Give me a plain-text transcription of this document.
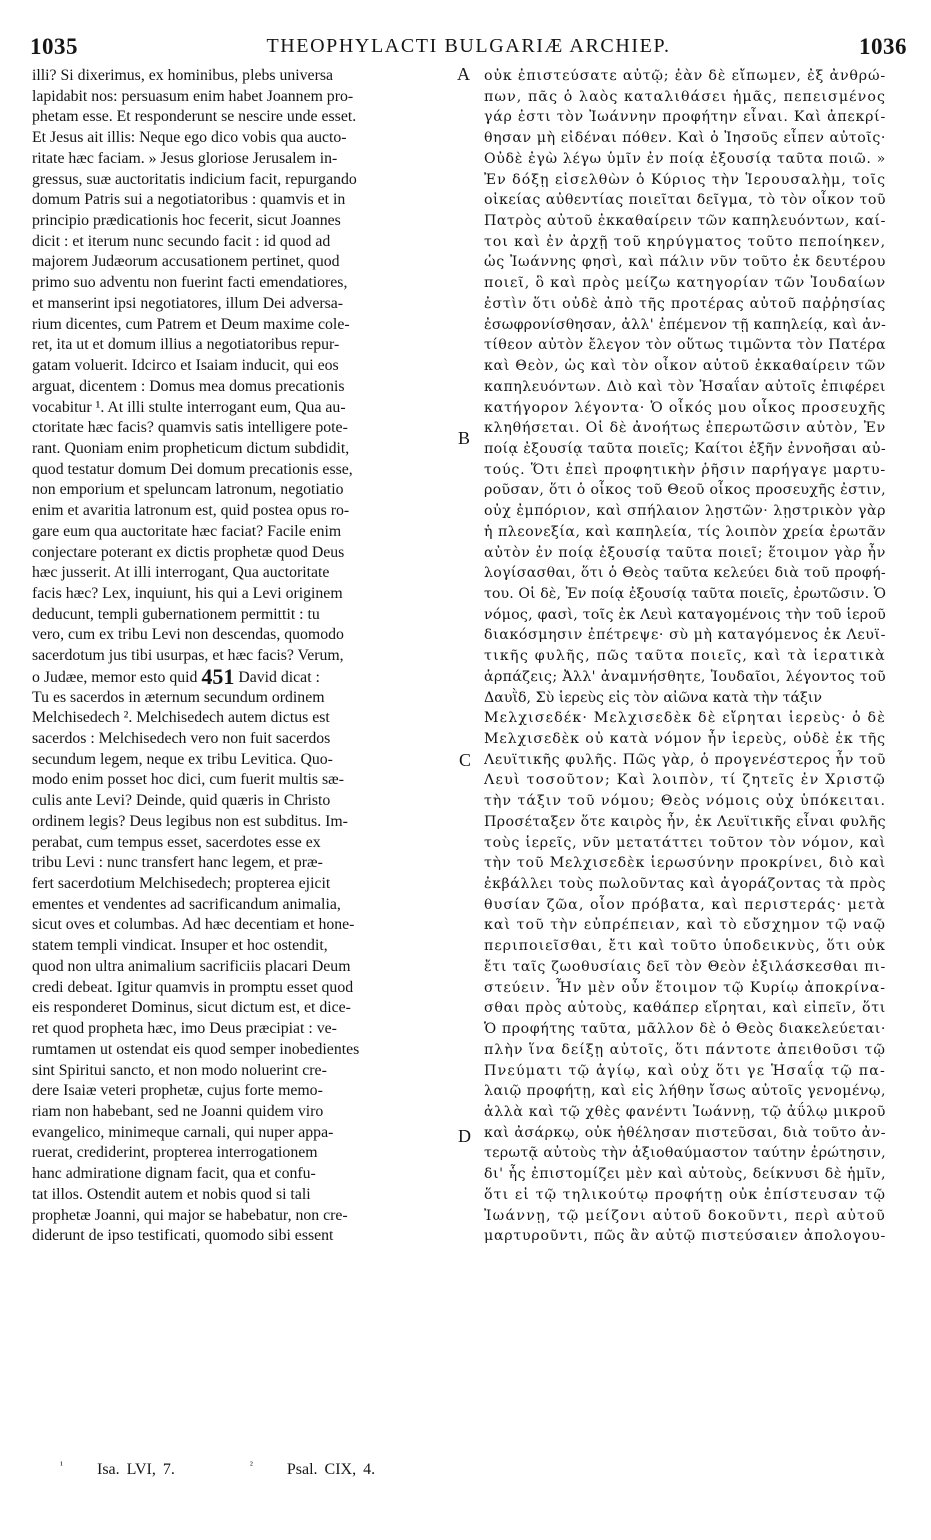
1035	THEOPHYLACTI BULGARIÆ ARCHIEP.	1036
illi? Si dixerimus, ex hominibus, plebs universa
lapidabit nos: persuasum enim habet Joannem pro-
phetam esse. Et responderunt se nescire unde esset.
Et Jesus ait illis: Neque ego dico vobis qua aucto-
ritate hæc faciam. » Jesus gloriose Jerusalem in-
gressus, suæ auctoritatis indicium facit, repurgando
domum Patris sui a negotiatoribus : quamvis et in
principio prædicationis hoc fecerit, sicut Joannes
dicit : et iterum nunc secundo facit : id quod ad
majorem Judæorum accusationem pertinet, quod
primo suo adventu non fuerint facti emendatiores,
et manserint ipsi negotiatores, illum Dei adversa-
rium dicentes, cum Patrem et Deum maxime cole-
ret, ita ut et domum illius a negotiatoribus repur-
gatam voluerit. Idcirco et Isaiam inducit, qui eos
arguat, dicentem : Domus mea domus precationis
vocabitur ¹. At illi stulte interrogant eum, Qua au-
ctoritate hæc facis? quamvis satis intelligere pote-
rant. Quoniam enim propheticum dictum subdidit,
quod testatur domum Dei domum precationis esse,
non emporium et speluncam latronum, negotiatio
enim et avaritia latronum est, quid postea opus ro-
gare eum qua auctoritate hæc faciat? Facile enim
conjectare poterant ex dictis prophetæ quod Deus
hæc jusserit. At illi interrogant, Qua auctoritate
facis hæc? Lex, inquiunt, his qui a Levi originem
deducunt, templi gubernationem permittit : tu
vero, cum ex tribu Levi non descendas, quomodo
sacerdotum jus tibi usurpas, et hæc facis? Verum,
o Judæe, memor esto quid 451 David dicat :
Tu es sacerdos in æternum secundum ordinem
Melchisedech ². Melchisedech autem dictus est
sacerdos : Melchisedech vero non fuit sacerdos
secundum legem, neque ex tribu Levitica. Quo-
modo enim posset hoc dici, cum fuerit multis sæ-
culis ante Levi? Deinde, quid quæris in Christo
ordinem legis? Deus legibus non est subditus. Im-
perabat, cum tempus esset, sacerdotes esse ex
tribu Levi : nunc transfert hanc legem, et præ-
fert sacerdotium Melchisedech; propterea ejicit
ementes et vendentes ad sacrificandum animalia,
sicut oves et columbas. Ad hæc decentiam et hone-
statem templi vindicat. Insuper et hoc ostendit,
quod non ultra animalium sacrificiis placari Deum
credi debeat. Igitur quamvis in promptu esset quod
eis responderet Dominus, sicut dictum est, et dice-
ret quod propheta hæc, imo Deus præcipiat : ve-
rumtamen ut ostendat eis quod semper inobedientes
sint Spiritui sancto, et non modo noluerint cre-
dere Isaiæ veteri prophetæ, cujus forte memo-
riam non habebant, sed ne Joanni quidem viro
evangelico, minimeque carnali, qui nuper appa-
ruerat, crediderint, propterea interrogationem
hanc admiratione dignam facit, qua et confu-
tat illos. Ostendit autem et nobis quod si tali
prophetæ Joanni, qui major se habebatur, non cre-
diderunt de ipso testificati, quomodo sibi essent
οὐκ ἐπιστεύσατε αὐτῷ; ἐὰν δὲ εἴπωμεν, ἐξ ἀνθρώ-
πων, πᾶς ὁ λαὸς καταλιθάσει ἡμᾶς, πεπεισμένος
γάρ ἐστι τὸν Ἰωάννην προφήτην εἶναι. Καὶ ἀπεκρί-
θησαν μὴ εἰδέναι πόθεν. Καὶ ὁ Ἰησοῦς εἶπεν αὐτοῖς·
Οὐδὲ ἐγὼ λέγω ὑμῖν ἐν ποίᾳ ἐξουσίᾳ ταῦτα ποιῶ. »
Ἐν δόξῃ εἰσελθὼν ὁ Κύριος τὴν Ἱερουσαλὴμ, τοῖς
οἰκείας αὐθεντίας ποιεῖται δεῖγμα, τὸ τὸν οἶκον τοῦ
Πατρὸς αὐτοῦ ἐκκαθαίρειν τῶν καπηλευόντων, καί-
τοι καὶ ἐν ἀρχῇ τοῦ κηρύγματος τοῦτο πεποίηκεν,
ὡς Ἰωάννης φησὶ, καὶ πάλιν νῦν τοῦτο ἐκ δευτέρου
ποιεῖ, ὃ καὶ πρὸς μείζω κατηγορίαν τῶν Ἰουδαίων
ἐστὶν ὅτι οὐδὲ ἀπὸ τῆς προτέρας αὐτοῦ παῤῥησίας
ἐσωφρονίσθησαν, ἀλλ' ἐπέμενον τῇ καπηλείᾳ, καὶ ἀν-
τίθεον αὐτὸν ἔλεγον τὸν οὕτως τιμῶντα τὸν Πατέρα
καὶ Θεὸν, ὡς καὶ τὸν οἶκον αὐτοῦ ἐκκαθαίρειν τῶν
καπηλευόντων. Διὸ καὶ τὸν Ἡσαΐαν αὐτοῖς ἐπιφέρει
κατήγορον λέγοντα· Ὁ οἶκός μου οἶκος προσευχῆς
κληθήσεται. Οἱ δὲ ἀνοήτως ἐπερωτῶσιν αὐτὸν, Ἐν
ποίᾳ ἐξουσίᾳ ταῦτα ποιεῖς; Καίτοι ἐξῆν ἐννοῆσαι αὐ-
τούς. Ὅτι ἐπεὶ προφητικὴν ῥῆσιν παρήγαγε μαρτυ-
ροῦσαν, ὅτι ὁ οἶκος τοῦ Θεοῦ οἶκος προσευχῆς ἐστιν,
οὐχ ἐμπόριον, καὶ σπήλαιον λῃστῶν· λῃστρικὸν γὰρ
ἡ πλεονεξία, καὶ καπηλεία, τίς λοιπὸν χρεία ἐρωτᾶν
αὐτὸν ἐν ποίᾳ ἐξουσίᾳ ταῦτα ποιεῖ; ἕτοιμον γὰρ ἦν
λογίσασθαι, ὅτι ὁ Θεὸς ταῦτα κελεύει διὰ τοῦ προφή-
του. Οἱ δὲ, Ἐν ποίᾳ ἐξουσίᾳ ταῦτα ποιεῖς, ἐρωτῶσιν. Ὁ
νόμος, φασὶ, τοῖς ἐκ Λευὶ καταγομένοις τὴν τοῦ ἱεροῦ
διακόσμησιν ἐπέτρεψε· σὺ μὴ καταγόμενος ἐκ Λευϊ-
τικῆς φυλῆς, πῶς ταῦτα ποιεῖς, καὶ τὰ ἱερατικὰ
ἁρπάζεις; Ἀλλ' ἀναμνήσθητε, Ἰουδαῖοι, λέγοντος τοῦ
Δαυῒδ, Σὺ ἱερεὺς εἰς τὸν αἰῶνα κατὰ τὴν τάξιν
Μελχισεδέκ· Μελχισεδὲκ δὲ εἴρηται ἱερεὺς· ὁ δὲ
Μελχισεδὲκ οὐ κατὰ νόμον ἦν ἱερεὺς, οὐδὲ ἐκ τῆς
Λευϊτικῆς φυλῆς. Πῶς γὰρ, ὁ προγενέστερος ἦν τοῦ
Λευὶ τοσοῦτον; Καὶ λοιπὸν, τί ζητεῖς ἐν Χριστῷ
τὴν τάξιν τοῦ νόμου; Θεὸς νόμοις οὐχ ὑπόκειται.
Προσέταξεν ὅτε καιρὸς ἦν, ἐκ Λευϊτικῆς εἶναι φυλῆς
τοὺς ἱερεῖς, νῦν μετατάττει τοῦτον τὸν νόμον, καὶ
τὴν τοῦ Μελχισεδὲκ ἱερωσύνην προκρίνει, διὸ καὶ
ἐκβάλλει τοὺς πωλοῦντας καὶ ἀγοράζοντας τὰ πρὸς
θυσίαν ζῶα, οἷον πρόβατα, καὶ περιστεράς· μετὰ
καὶ τοῦ τὴν εὐπρέπειαν, καὶ τὸ εὔσχημον τῷ ναῷ
περιποιεῖσθαι, ἔτι καὶ τοῦτο ὑποδεικνὺς, ὅτι οὐκ
ἔτι ταῖς ζωοθυσίαις δεῖ τὸν Θεὸν ἐξιλάσκεσθαι πι-
στεύειν. Ἦν μὲν οὖν ἕτοιμον τῷ Κυρίῳ ἀποκρίνα-
σθαι πρὸς αὐτοὺς, καθάπερ εἴρηται, καὶ εἰπεῖν, ὅτι
Ὁ προφήτης ταῦτα, μᾶλλον δὲ ὁ Θεὸς διακελεύεται·
πλὴν ἵνα δείξῃ αὐτοῖς, ὅτι πάντοτε ἀπειθοῦσι τῷ
Πνεύματι τῷ ἁγίῳ, καὶ οὐχ ὅτι γε Ἡσαΐᾳ τῷ πα-
λαιῷ προφήτῃ, καὶ εἰς λήθην ἴσως αὐτοῖς γενομένῳ,
ἀλλὰ καὶ τῷ χθὲς φανέντι Ἰωάννῃ, τῷ ἀΰλῳ μικροῦ
καὶ ἀσάρκῳ, οὐκ ἠθέλησαν πιστεῦσαι, διὰ τοῦτο ἀν-
τερωτᾷ αὐτοὺς τὴν ἀξιοθαύμαστον ταύτην ἐρώτησιν,
δι' ἧς ἐπιστομίζει μὲν καὶ αὐτοὺς, δείκνυσι δὲ ἡμῖν,
ὅτι εἰ τῷ τηλικούτῳ προφήτῃ οὐκ ἐπίστευσαν τῷ
Ἰωάννῃ, τῷ μείζονι αὐτοῦ δοκοῦντι, περὶ αὐτοῦ
μαρτυροῦντι, πῶς ἂν αὐτῷ πιστεύσαιεν ἀπολογου-
A
B
C
D
$^{^1}$ Isa. LVI, 7.	$^{^2}$ Psal. CIX, 4.
